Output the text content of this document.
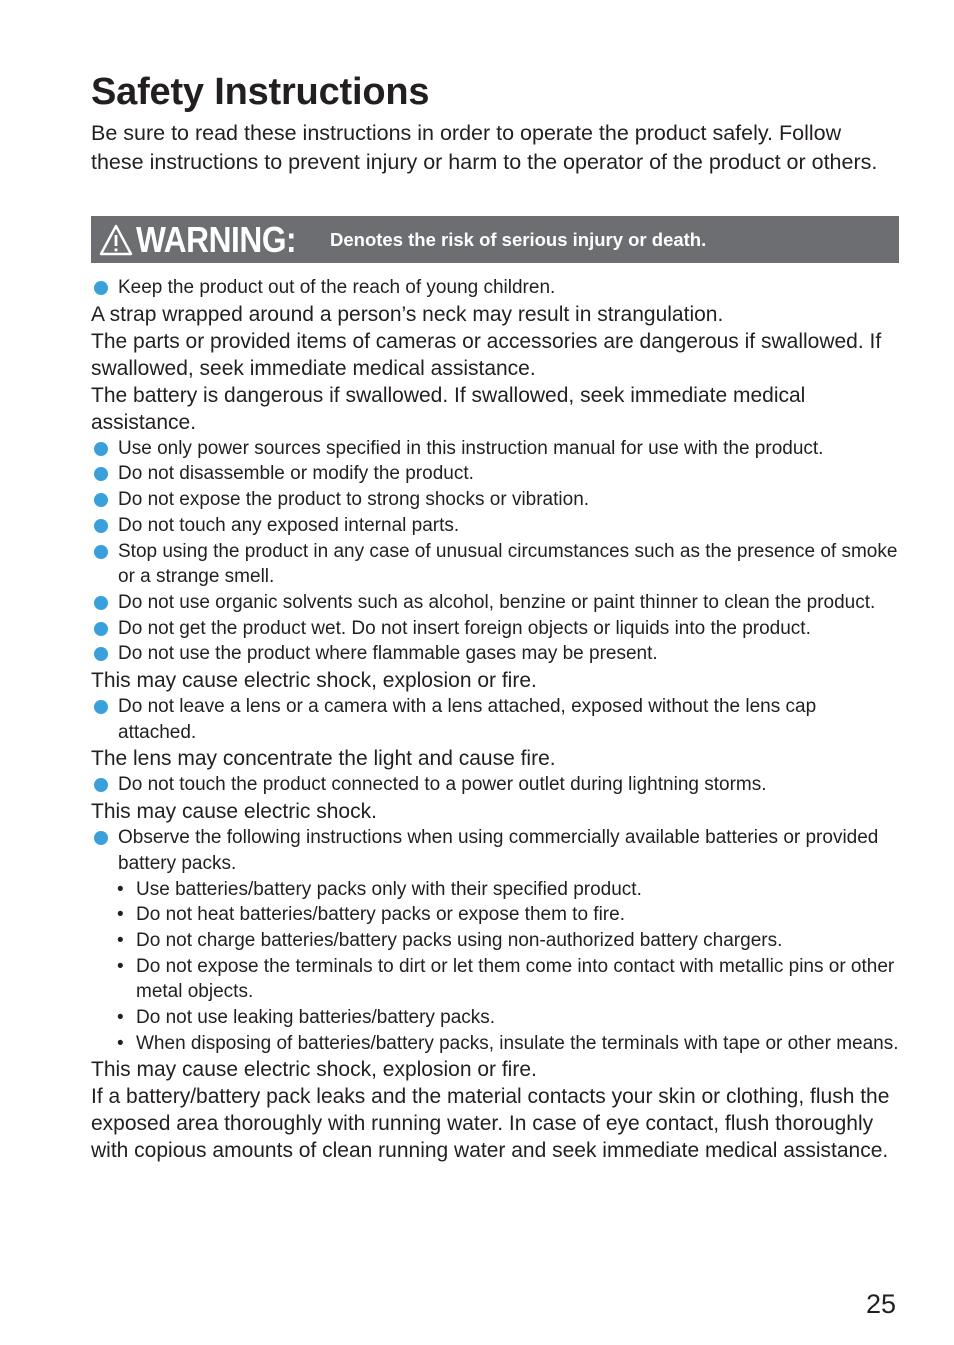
Safety Instructions

Be sure to read these instructions in order to operate the product safely. Follow these instructions to prevent injury or harm to the operator of the product or others.

WARNING: Denotes the risk of serious injury or death.
Keep the product out of the reach of young children.
A strap wrapped around a person’s neck may result in strangulation.
The parts or provided items of cameras or accessories are dangerous if swallowed. If swallowed, seek immediate medical assistance.
The battery is dangerous if swallowed. If swallowed, seek immediate medical assistance.
Use only power sources specified in this instruction manual for use with the product.
Do not disassemble or modify the product.
Do not expose the product to strong shocks or vibration.
Do not touch any exposed internal parts.
Stop using the product in any case of unusual circumstances such as the presence of smoke or a strange smell.
Do not use organic solvents such as alcohol, benzine or paint thinner to clean the product.
Do not get the product wet. Do not insert foreign objects or liquids into the product.
Do not use the product where flammable gases may be present.
This may cause electric shock, explosion or fire.
Do not leave a lens or a camera with a lens attached, exposed without the lens cap attached.
The lens may concentrate the light and cause fire.
Do not touch the product connected to a power outlet during lightning storms.
This may cause electric shock.
Observe the following instructions when using commercially available batteries or provided battery packs.
• Use batteries/battery packs only with their specified product.
• Do not heat batteries/battery packs or expose them to fire.
• Do not charge batteries/battery packs using non-authorized battery chargers.
• Do not expose the terminals to dirt or let them come into contact with metallic pins or other metal objects.
• Do not use leaking batteries/battery packs.
• When disposing of batteries/battery packs, insulate the terminals with tape or other means.
This may cause electric shock, explosion or fire.
If a battery/battery pack leaks and the material contacts your skin or clothing, flush the exposed area thoroughly with running water. In case of eye contact, flush thoroughly with copious amounts of clean running water and seek immediate medical assistance.
25
